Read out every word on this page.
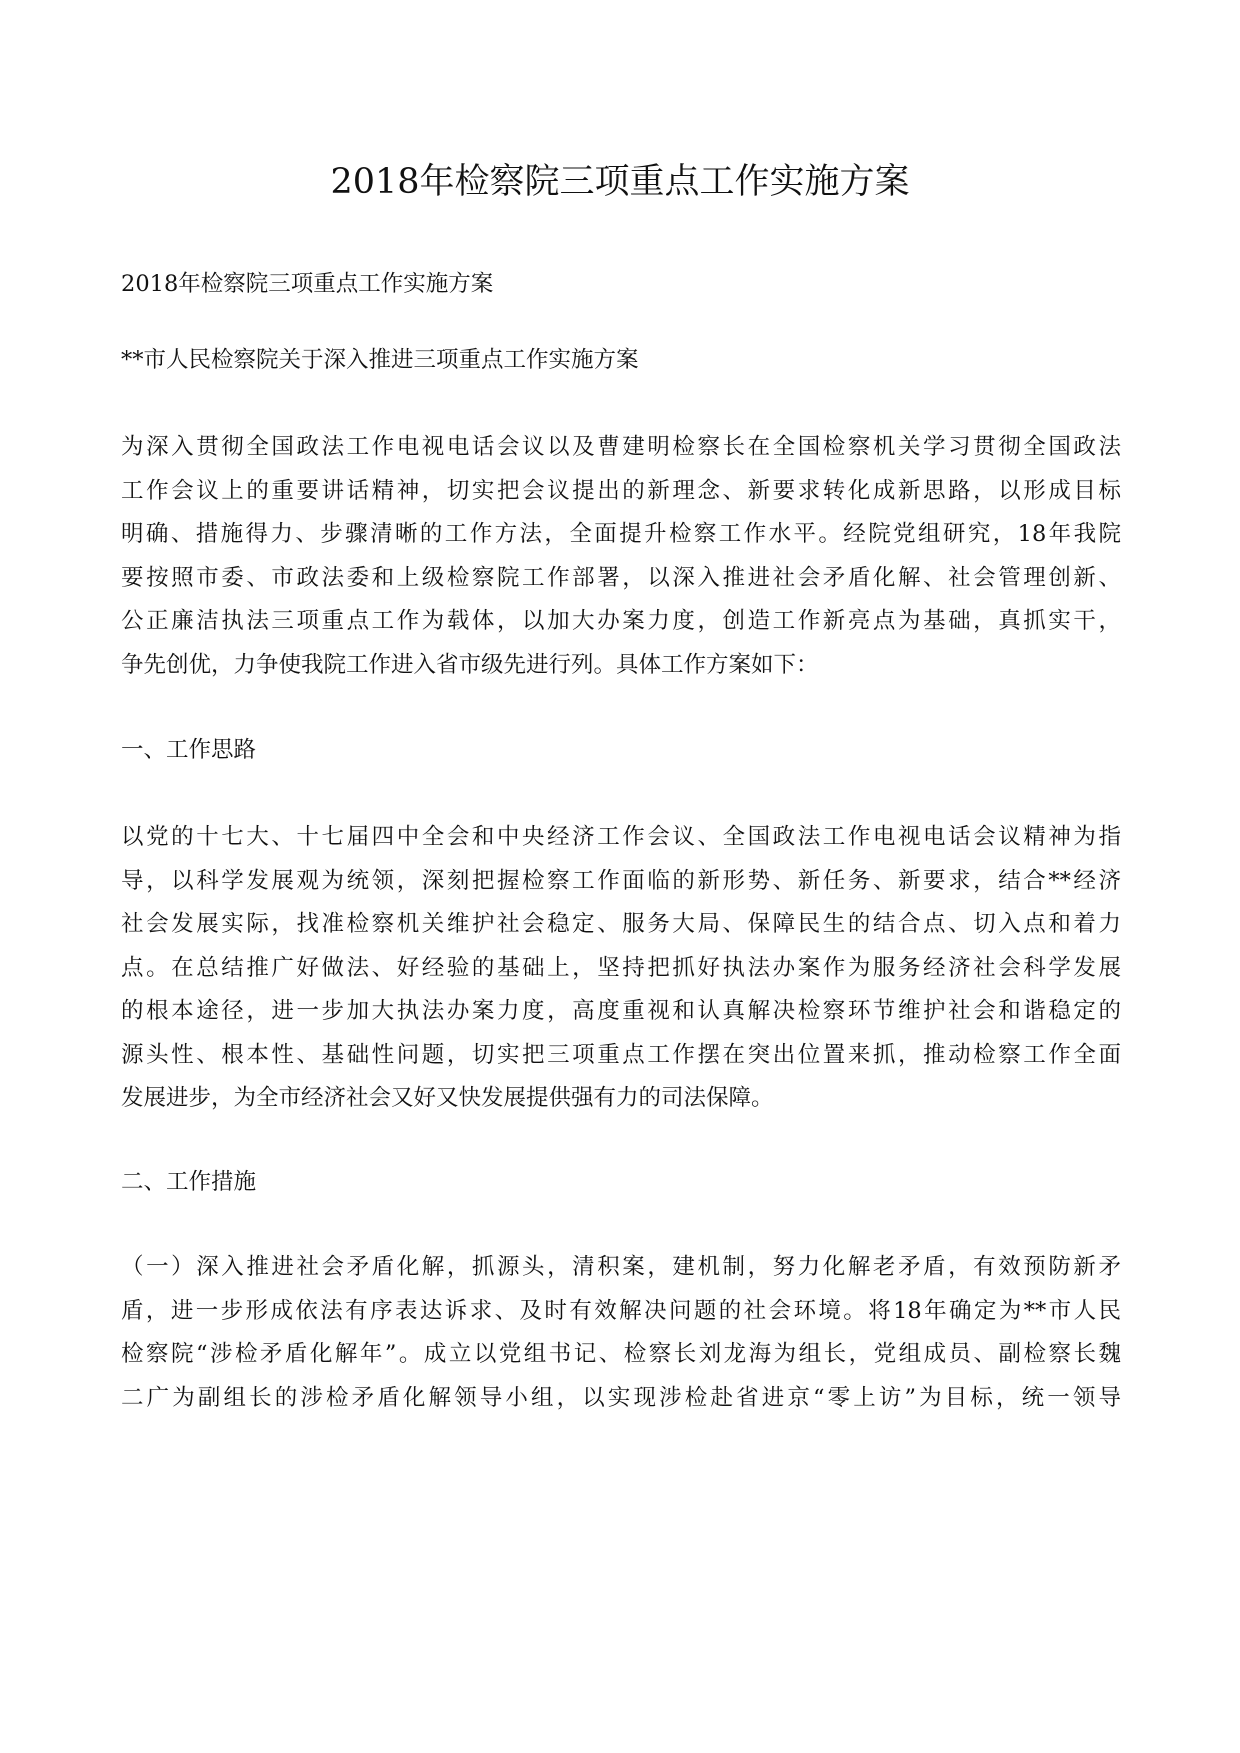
2018年检察院三项重点工作实施方案

2018年检察院三项重点工作实施方案

**市人民检察院关于深入推进三项重点工作实施方案

为深入贯彻全国政法工作电视电话会议以及曹建明检察长在全国检察机关学习贯彻全国政法
工作会议上的重要讲话精神，切实把会议提出的新理念、新要求转化成新思路，以形成目标
明确、措施得力、步骤清晰的工作方法，全面提升检察工作水平。经院党组研究，18年我院
要按照市委、市政法委和上级检察院工作部署，以深入推进社会矛盾化解、社会管理创新、
公正廉洁执法三项重点工作为载体，以加大办案力度，创造工作新亮点为基础，真抓实干，
争先创优，力争使我院工作进入省市级先进行列。具体工作方案如下：

一、工作思路

以党的十七大、十七届四中全会和中央经济工作会议、全国政法工作电视电话会议精神为指
导，以科学发展观为统领，深刻把握检察工作面临的新形势、新任务、新要求，结合**经济
社会发展实际，找准检察机关维护社会稳定、服务大局、保障民生的结合点、切入点和着力
点。在总结推广好做法、好经验的基础上，坚持把抓好执法办案作为服务经济社会科学发展
的根本途径，进一步加大执法办案力度，高度重视和认真解决检察环节维护社会和谐稳定的
源头性、根本性、基础性问题，切实把三项重点工作摆在突出位置来抓，推动检察工作全面
发展进步，为全市经济社会又好又快发展提供强有力的司法保障。

二、工作措施

（一）深入推进社会矛盾化解，抓源头，清积案，建机制，努力化解老矛盾，有效预防新矛
盾，进一步形成依法有序表达诉求、及时有效解决问题的社会环境。将18年确定为**市人民
检察院“涉检矛盾化解年”。成立以党组书记、检察长刘龙海为组长，党组成员、副检察长魏
二广为副组长的涉检矛盾化解领导小组，以实现涉检赴省进京“零上访”为目标，统一领导
